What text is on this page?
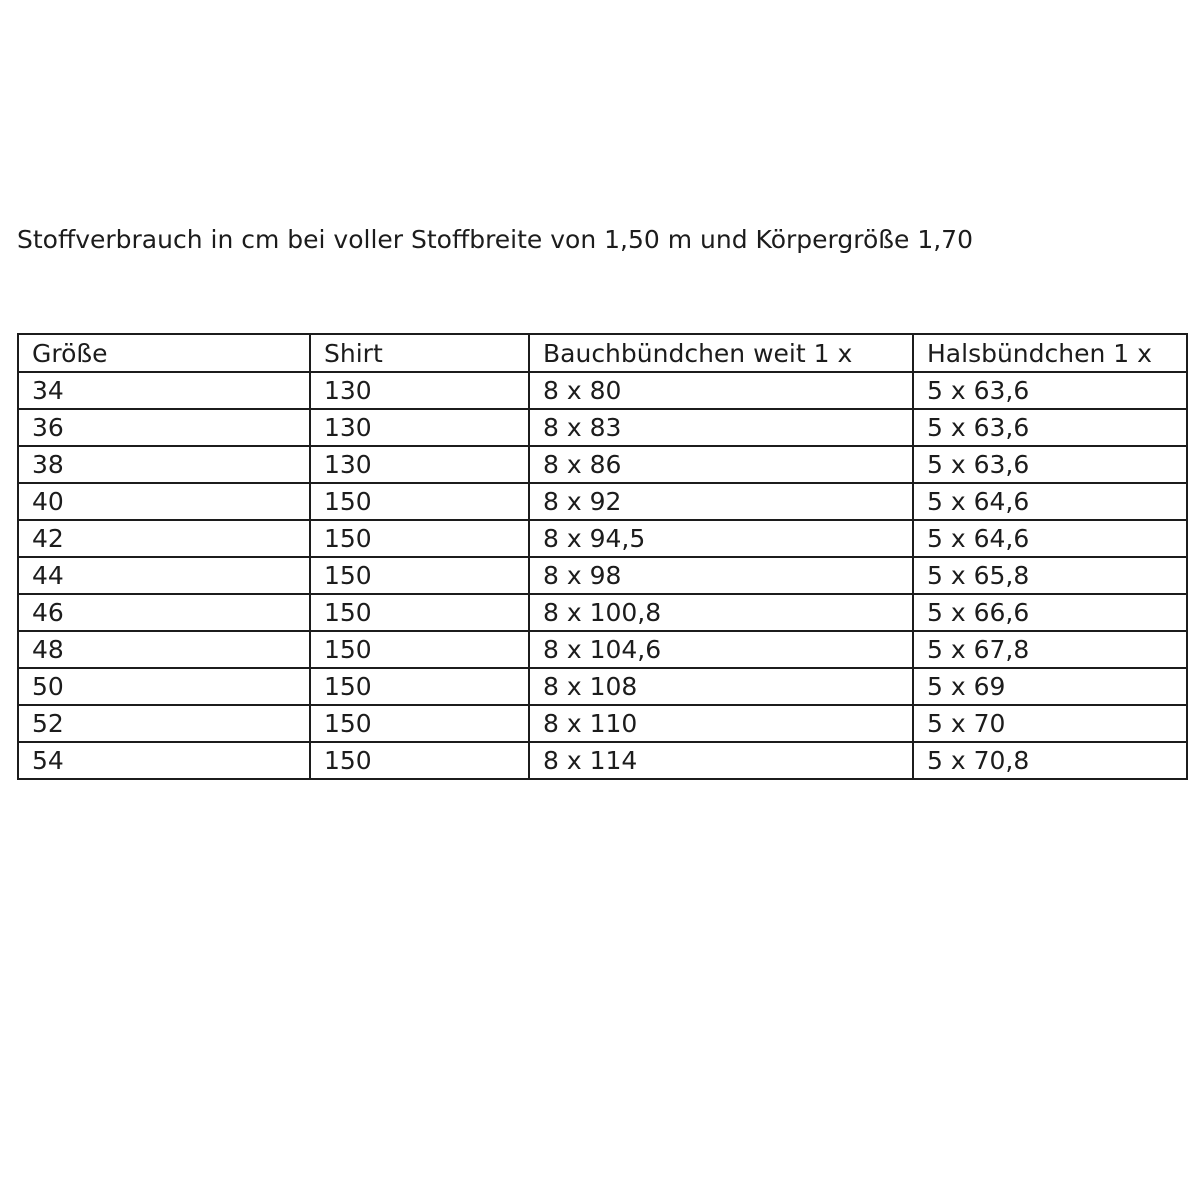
Stoffverbrauch in cm bei voller Stoffbreite von 1,50 m und Körpergröße 1,70
Größe	Shirt	Bauchbündchen weit 1 x	Halsbündchen 1 x
34	130	8 x 80	5 x 63,6
36	130	8 x 83	5 x 63,6
38	130	8 x 86	5 x 63,6
40	150	8 x 92	5 x 64,6
42	150	8 x 94,5	5 x 64,6
44	150	8 x 98	5 x 65,8
46	150	8 x 100,8	5 x 66,6
48	150	8 x 104,6	5 x 67,8
50	150	8 x 108	5 x 69
52	150	8 x 110	5 x 70
54	150	8 x 114	5 x 70,8
